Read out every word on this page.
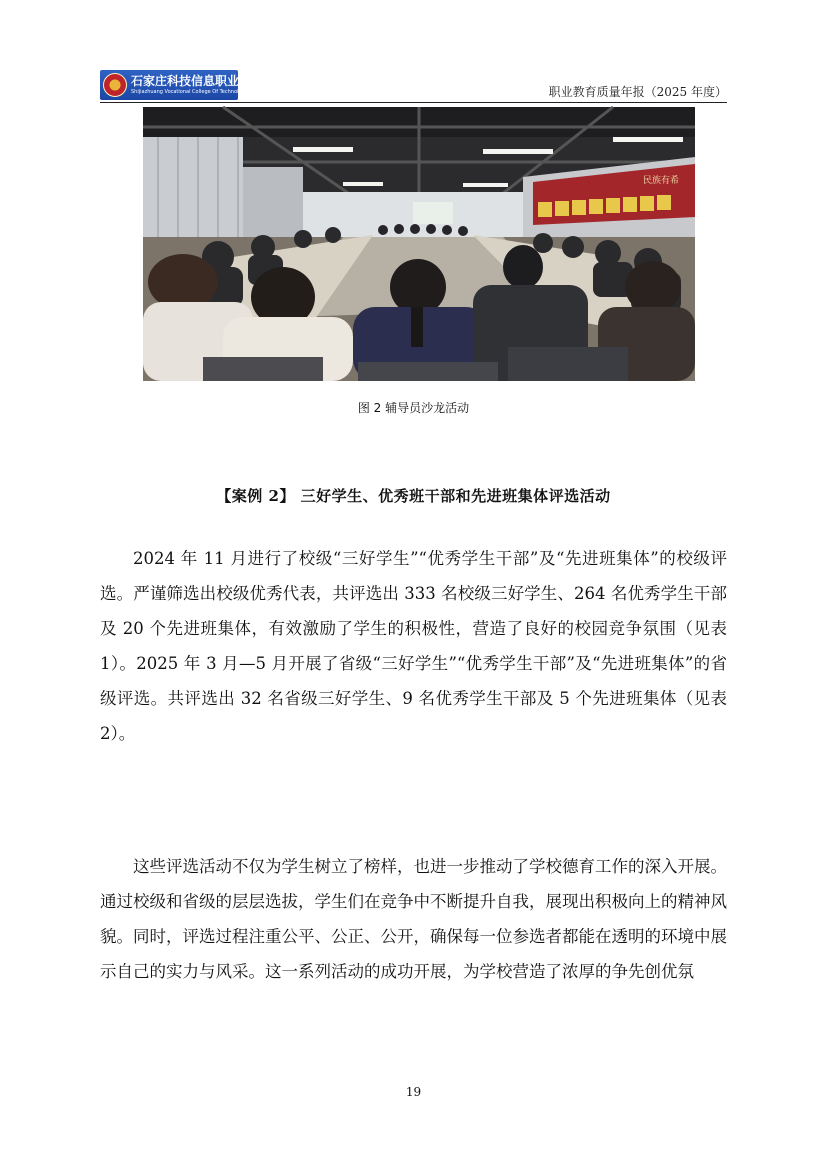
石家庄科技信息职业学院
Shijiazhuang Vocational College Of Technology & Information	职业教育质量年报（2025 年度）
民族有希
图 2 辅导员沙龙活动
【案例 2】 三好学生、优秀班干部和先进班集体评选活动

2024 年 11 月进行了校级“三好学生”“优秀学生干部”及“先进班集体”的校级评选。严谨筛选出校级优秀代表，共评选出 333 名校级三好学生、264 名优秀学生干部及 20 个先进班集体，有效激励了学生的积极性，营造了良好的校园竞争氛围（见表 1）。2025 年 3 月—5 月开展了省级“三好学生”“优秀学生干部”及“先进班集体”的省级评选。共评选出 32 名省级三好学生、9 名优秀学生干部及 5 个先进班集体（见表 2）。

这些评选活动不仅为学生树立了榜样，也进一步推动了学校德育工作的深入开展。通过校级和省级的层层选拔，学生们在竞争中不断提升自我，展现出积极向上的精神风貌。同时，评选过程注重公平、公正、公开，确保每一位参选者都能在透明的环境中展示自己的实力与风采。这一系列活动的成功开展，为学校营造了浓厚的争先创优氛

19
